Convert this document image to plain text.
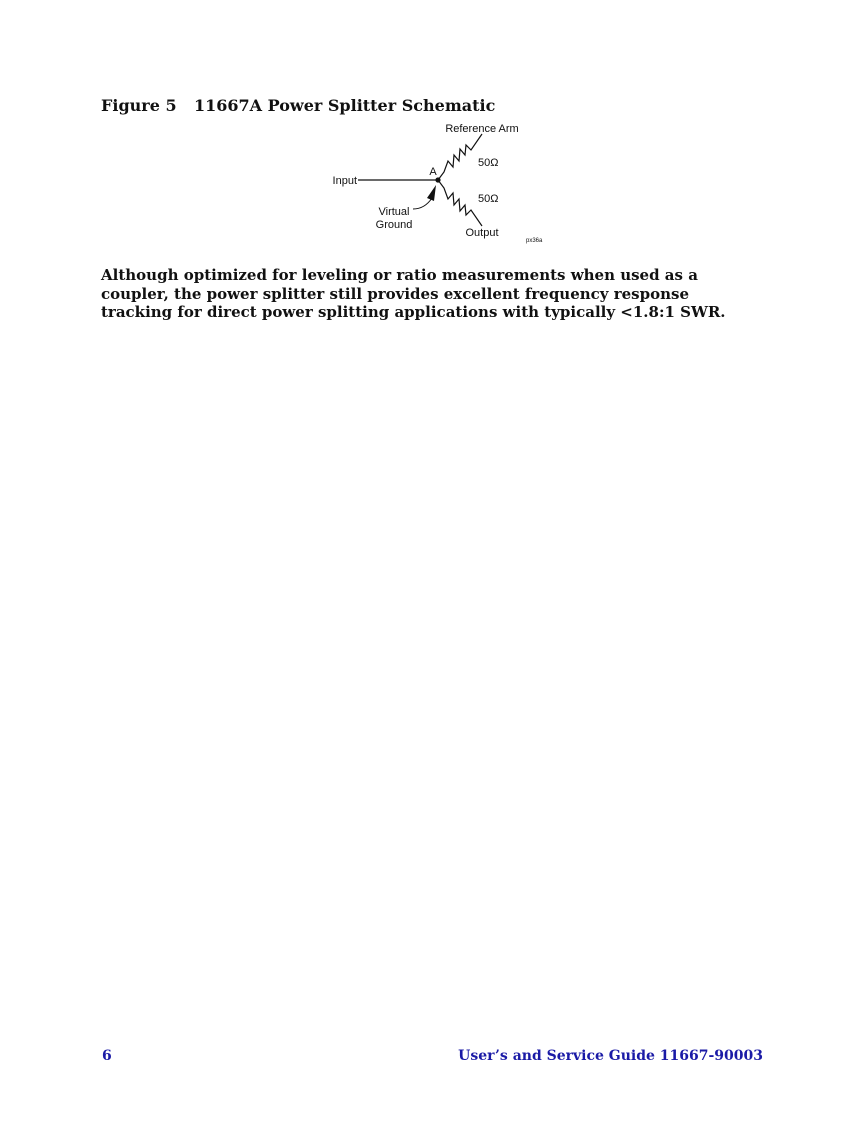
Figure 5 11667A Power Splitter Schematic
Reference Arm
50Ω
50Ω
Input
A
Virtual
Ground
Output
px36a
Although optimized for leveling or ratio measurements when used as a coupler, the power splitter still provides excellent frequency response tracking for direct power splitting applications with typically <1.8:1 SWR.
6	User’s and Service Guide 11667-90003
